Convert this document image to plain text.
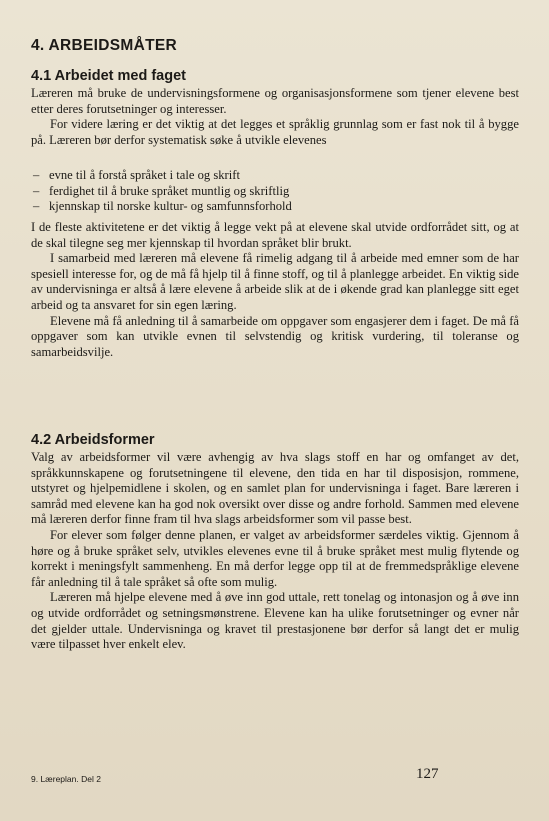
4. ARBEIDSMÅTER
4.1 Arbeidet med faget

Læreren må bruke de undervisningsformene og organisasjonsformene som tjener elevene best etter deres forutsetninger og interesser.

For videre læring er det viktig at det legges et språklig grunnlag som er fast nok til å bygge på. Læreren bør derfor systematisk søke å utvikle elevenes

– evne til å forstå språket i tale og skrift
– ferdighet til å bruke språket muntlig og skriftlig
– kjennskap til norske kultur- og samfunnsforhold

I de fleste aktivitetene er det viktig å legge vekt på at elevene skal utvide ordforrådet sitt, og at de skal tilegne seg mer kjennskap til hvordan språket blir brukt.

I samarbeid med læreren må elevene få rimelig adgang til å arbeide med emner som de har spesiell interesse for, og de må få hjelp til å finne stoff, og til å planlegge arbeidet. En viktig side av undervisninga er altså å lære elevene å arbeide slik at de i økende grad kan planlegge sitt eget arbeid og ta ansvaret for sin egen læring.

Elevene må få anledning til å samarbeide om oppgaver som engasjerer dem i faget. De må få oppgaver som kan utvikle evnen til selvstendig og kritisk vurdering, til toleranse og samarbeidsvilje.

4.2 Arbeidsformer

Valg av arbeidsformer vil være avhengig av hva slags stoff en har og omfanget av det, språkkunnskapene og forutsetningene til elevene, den tida en har til disposisjon, rommene, utstyret og hjelpemidlene i skolen, og en samlet plan for undervisninga i faget. Bare læreren i samråd med elevene kan ha god nok oversikt over disse og andre forhold. Sammen med elevene må læreren derfor finne fram til hva slags arbeidsformer som vil passe best.

For elever som følger denne planen, er valget av arbeidsformer særdeles viktig. Gjennom å høre og å bruke språket selv, utvikles elevenes evne til å bruke språket mest mulig flytende og korrekt i meningsfylt sammenheng. En må derfor legge opp til at de fremmedspråklige elevene får anledning til å tale språket så ofte som mulig.

Læreren må hjelpe elevene med å øve inn god uttale, rett tonelag og intonasjon og å øve inn og utvide ordforrådet og setningsmønstrene. Elevene kan ha ulike forutsetninger og evner når det gjelder uttale. Undervisninga og kravet til prestasjonene bør derfor så langt det er mulig være tilpasset hver enkelt elev.

9. Læreplan. Del 2	127
